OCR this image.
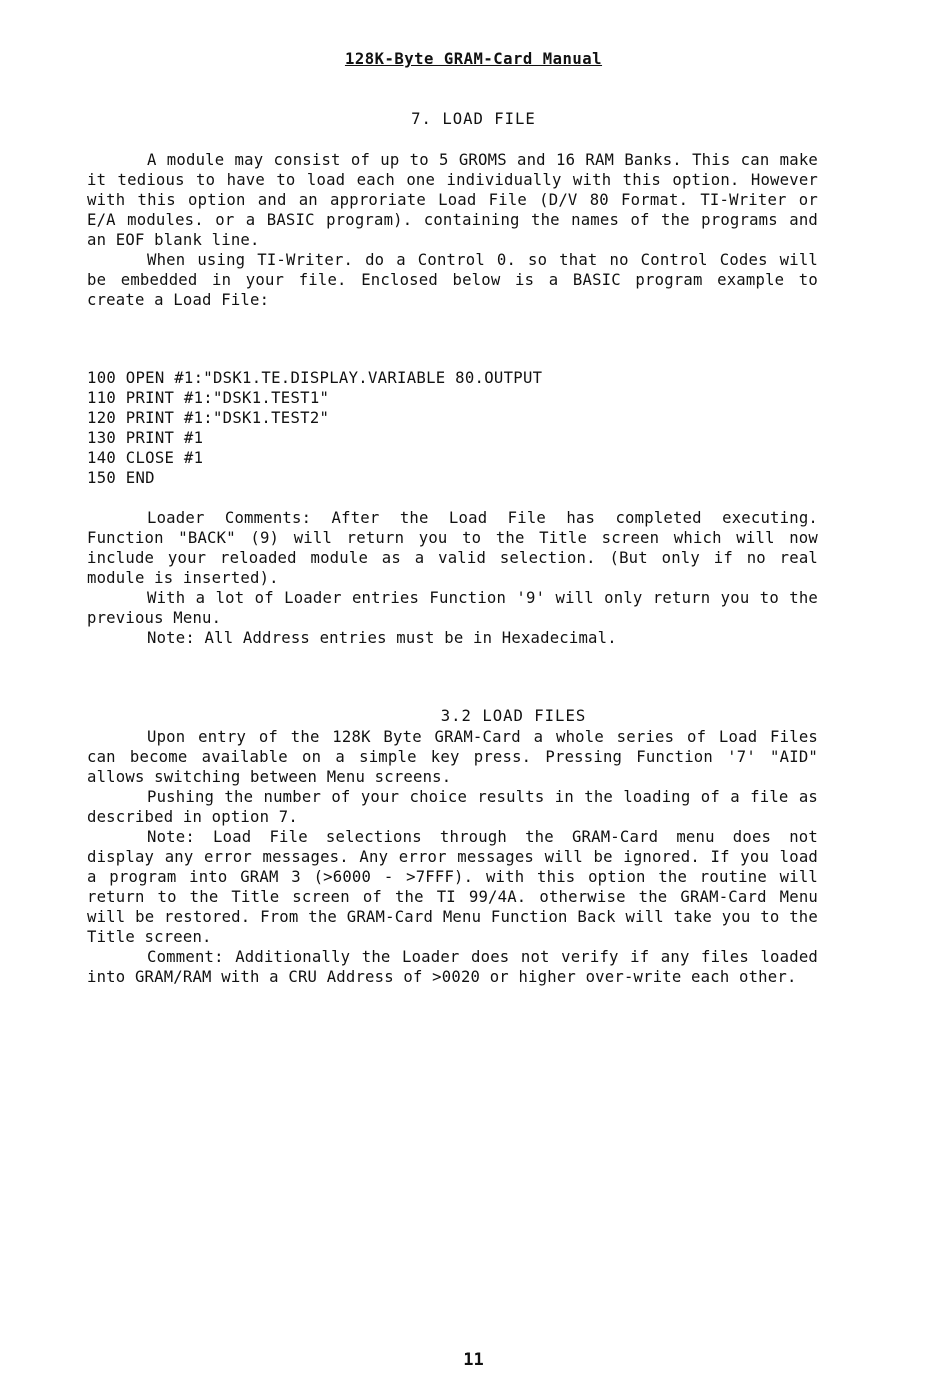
128K-Byte GRAM-Card Manual
7. LOAD FILE

A module may consist of up to 5 GROMS and 16 RAM Banks. This can make it tedious to have to load each one individually with this option. However with this option and an approriate Load File (D/V 80 Format. TI-Writer or E/A modules. or a BASIC program). containing the names of the programs and an EOF blank line.

When using TI-Writer. do a Control 0. so that no Control Codes will be embedded in your file. Enclosed below is a BASIC program example to create a Load File:

100 OPEN #1:"DSK1.TE.DISPLAY.VARIABLE 80.OUTPUT

110 PRINT #1:"DSK1.TEST1"

120 PRINT #1:"DSK1.TEST2"

130 PRINT #1

140 CLOSE #1

150 END

Loader Comments: After the Load File has completed executing. Function "BACK" (9) will return you to the Title screen which will now include your reloaded module as a valid selection. (But only if no real module is inserted).

With a lot of Loader entries Function '9' will only return you to the previous Menu.

Note: All Address entries must be in Hexadecimal.

3.2 LOAD FILES

Upon entry of the 128K Byte GRAM-Card a whole series of Load Files can become available on a simple key press. Pressing Function '7' "AID" allows switching between Menu screens.

Pushing the number of your choice results in the loading of a file as described in option 7.

Note: Load File selections through the GRAM-Card menu does not display any error messages. Any error messages will be ignored. If you load a program into GRAM 3 (>6000 - >7FFF). with this option the routine will return to the Title screen of the TI 99/4A. otherwise the GRAM-Card Menu will be restored. From the GRAM-Card Menu Function Back will take you to the Title screen.

Comment: Additionally the Loader does not verify if any files loaded into GRAM/RAM with a CRU Address of >0020 or higher over-write each other.

11
